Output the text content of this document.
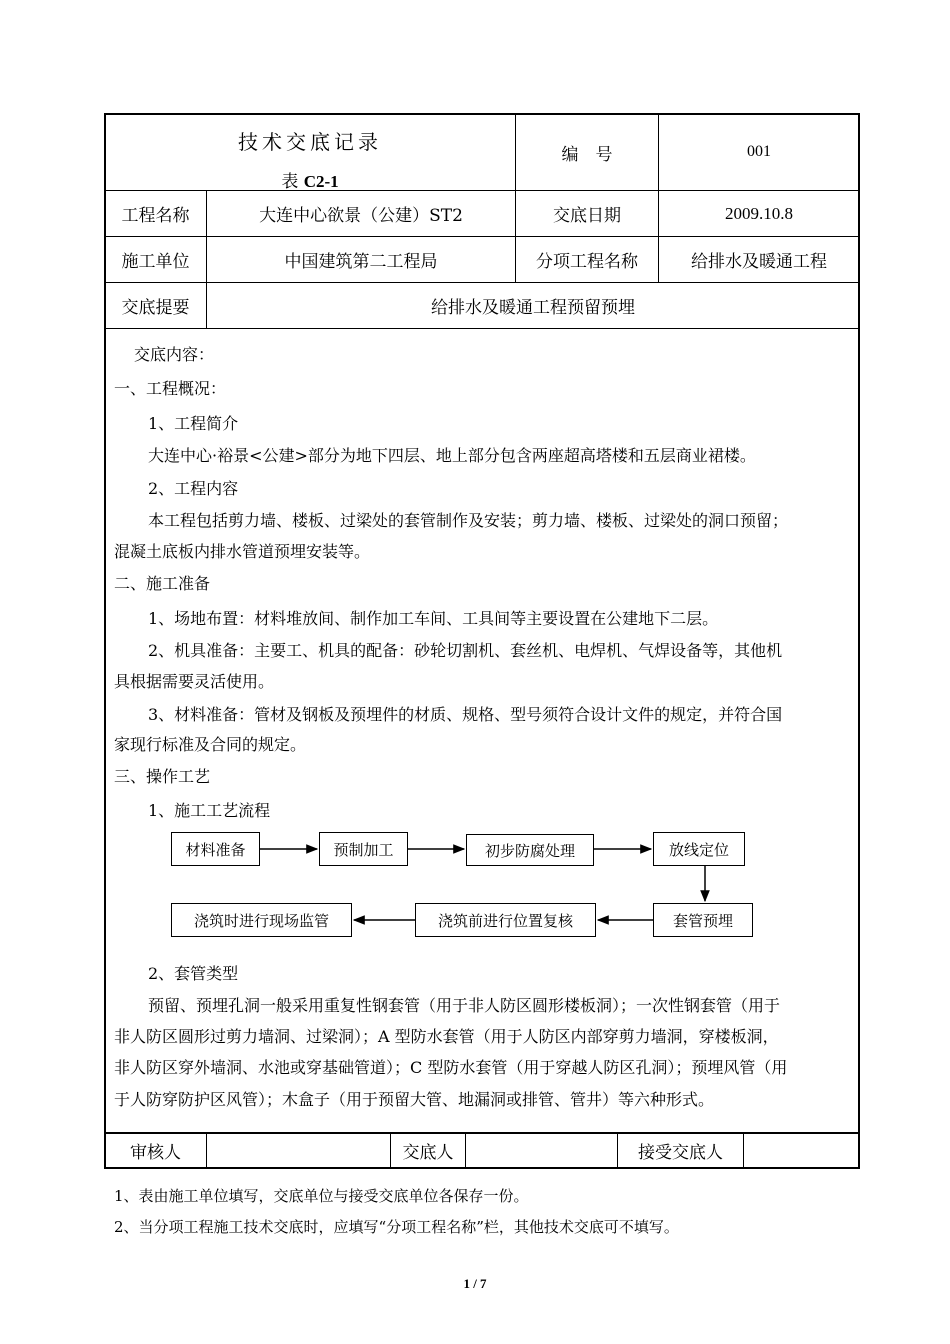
技术交底记录
表 C2-1
编　号	001
工程名称	大连中心欲景（公建）ST2	交底日期	2009.10.8
施工单位	中国建筑第二工程局	分项工程名称	给排水及暖通工程
交底提要	给排水及暖通工程预留预埋
交底内容：
一、工程概况：
1、工程简介
大连中心·裕景<公建>部分为地下四层、地上部分包含两座超高塔楼和五层商业裙楼。
2、工程内容
本工程包括剪力墙、楼板、过梁处的套管制作及安装；剪力墙、楼板、过梁处的洞口预留；
混凝土底板内排水管道预埋安装等。
二、施工准备
1、场地布置：材料堆放间、制作加工车间、工具间等主要设置在公建地下二层。
2、机具准备：主要工、机具的配备：砂轮切割机、套丝机、电焊机、气焊设备等，其他机
具根据需要灵活使用。
3、材料准备：管材及钢板及预埋件的材质、规格、型号须符合设计文件的规定，并符合国
家现行标准及合同的规定。
三、操作工艺
1、施工工艺流程
材料准备	预制加工	初步防腐处理	放线定位
套管预埋
浇筑前进行位置复核
浇筑时进行现场监管
2、套管类型
预留、预埋孔洞一般采用重复性钢套管（用于非人防区圆形楼板洞）；一次性钢套管（用于
非人防区圆形过剪力墙洞、过梁洞）；A 型防水套管（用于人防区内部穿剪力墙洞，穿楼板洞，
非人防区穿外墙洞、水池或穿基础管道）；C 型防水套管（用于穿越人防区孔洞）；预埋风管（用
于人防穿防护区风管）；木盒子（用于预留大管、地漏洞或排管、管井）等六种形式。
审核人	交底人	接受交底人
1、表由施工单位填写，交底单位与接受交底单位各保存一份。
2、当分项工程施工技术交底时，应填写“分项工程名称”栏，其他技术交底可不填写。
1 / 7
